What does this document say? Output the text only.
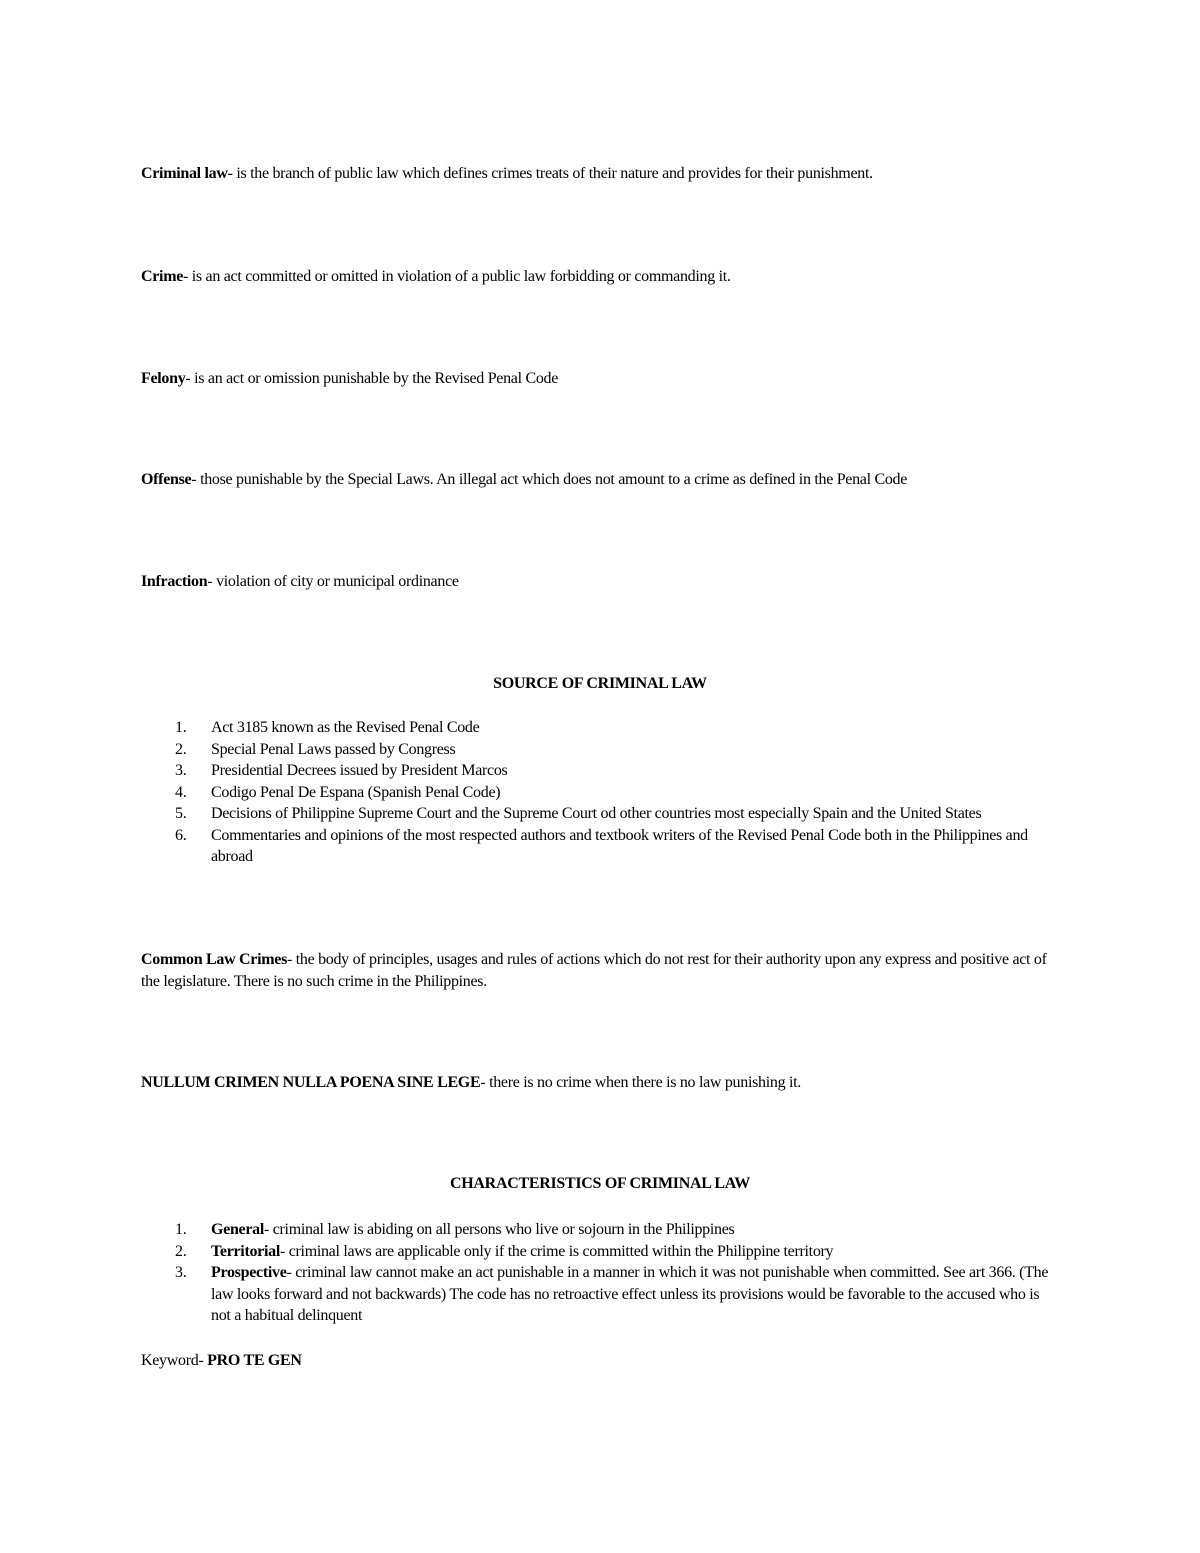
Criminal law- is the branch of public law which defines crimes treats of their nature and provides for their punishment.

Crime- is an act committed or omitted in violation of a public law forbidding or commanding it.

Felony- is an act or omission punishable by the Revised Penal Code

Offense- those punishable by the Special Laws. An illegal act which does not amount to a crime as defined in the Penal Code

Infraction- violation of city or municipal ordinance

SOURCE OF CRIMINAL LAW

1. Act 3185 known as the Revised Penal Code
2. Special Penal Laws passed by Congress
3. Presidential Decrees issued by President Marcos
4. Codigo Penal De Espana (Spanish Penal Code)
5. Decisions of Philippine Supreme Court and the Supreme Court od other countries most especially Spain and the United States
6. Commentaries and opinions of the most respected authors and textbook writers of the Revised Penal Code both in the Philippines and abroad

Common Law Crimes- the body of principles, usages and rules of actions which do not rest for their authority upon any express and positive act of the legislature. There is no such crime in the Philippines.

NULLUM CRIMEN NULLA POENA SINE LEGE- there is no crime when there is no law punishing it.

CHARACTERISTICS OF CRIMINAL LAW

1. General- criminal law is abiding on all persons who live or sojourn in the Philippines
2. Territorial- criminal laws are applicable only if the crime is committed within the Philippine territory
3. Prospective- criminal law cannot make an act punishable in a manner in which it was not punishable when committed. See art 366. (The law looks forward and not backwards) The code has no retroactive effect unless its provisions would be favorable to the accused who is not a habitual delinquent

Keyword- PRO TE GEN
